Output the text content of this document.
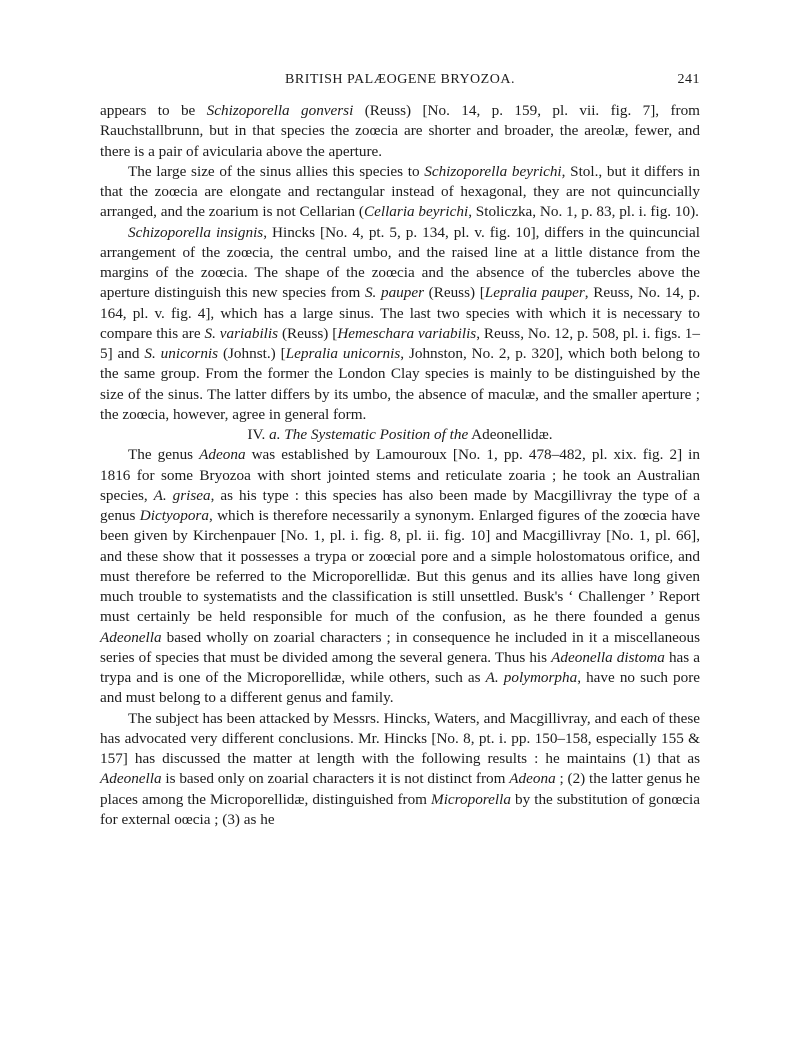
BRITISH PALÆOGENE BRYOZOA.	241

appears to be Schizoporella gonversi (Reuss) [No. 14, p. 159, pl. vii. fig. 7], from Rauchstallbrunn, but in that species the zoœcia are shorter and broader, the areolæ, fewer, and there is a pair of avicularia above the aperture.

The large size of the sinus allies this species to Schizoporella beyrichi, Stol., but it differs in that the zoœcia are elongate and rectangular instead of hexagonal, they are not quincuncially arranged, and the zoarium is not Cellarian (Cellaria beyrichi, Stoliczka, No. 1, p. 83, pl. i. fig. 10).

Schizoporella insignis, Hincks [No. 4, pt. 5, p. 134, pl. v. fig. 10], differs in the quincuncial arrangement of the zoœcia, the central umbo, and the raised line at a little distance from the margins of the zoœcia. The shape of the zoœcia and the absence of the tubercles above the aperture distinguish this new species from S. pauper (Reuss) [Lepralia pauper, Reuss, No. 14, p. 164, pl. v. fig. 4], which has a large sinus. The last two species with which it is necessary to compare this are S. variabilis (Reuss) [Hemeschara variabilis, Reuss, No. 12, p. 508, pl. i. figs. 1–5] and S. unicornis (Johnst.) [Lepralia unicornis, Johnston, No. 2, p. 320], which both belong to the same group. From the former the London Clay species is mainly to be distinguished by the size of the sinus. The latter differs by its umbo, the absence of maculæ, and the smaller aperture ; the zoœcia, however, agree in general form.

IV. a. The Systematic Position of the Adeonellidæ.

The genus Adeona was established by Lamouroux [No. 1, pp. 478–482, pl. xix. fig. 2] in 1816 for some Bryozoa with short jointed stems and reticulate zoaria ; he took an Australian species, A. grisea, as his type : this species has also been made by Macgillivray the type of a genus Dictyopora, which is therefore necessarily a synonym. Enlarged figures of the zoœcia have been given by Kirchenpauer [No. 1, pl. i. fig. 8, pl. ii. fig. 10] and Macgillivray [No. 1, pl. 66], and these show that it possesses a trypa or zoœcial pore and a simple holostomatous orifice, and must therefore be referred to the Microporellidæ. But this genus and its allies have long given much trouble to systematists and the classification is still unsettled. Busk's ‘ Challenger ’ Report must certainly be held responsible for much of the confusion, as he there founded a genus Adeonella based wholly on zoarial characters ; in consequence he included in it a miscellaneous series of species that must be divided among the several genera. Thus his Adeonella distoma has a trypa and is one of the Microporellidæ, while others, such as A. polymorpha, have no such pore and must belong to a different genus and family.

The subject has been attacked by Messrs. Hincks, Waters, and Macgillivray, and each of these has advocated very different conclusions. Mr. Hincks [No. 8, pt. i. pp. 150–158, especially 155 & 157] has discussed the matter at length with the following results : he maintains (1) that as Adeonella is based only on zoarial characters it is not distinct from Adeona ; (2) the latter genus he places among the Microporellidæ, distinguished from Microporella by the substitution of gonœcia for external oœcia ; (3) as he
